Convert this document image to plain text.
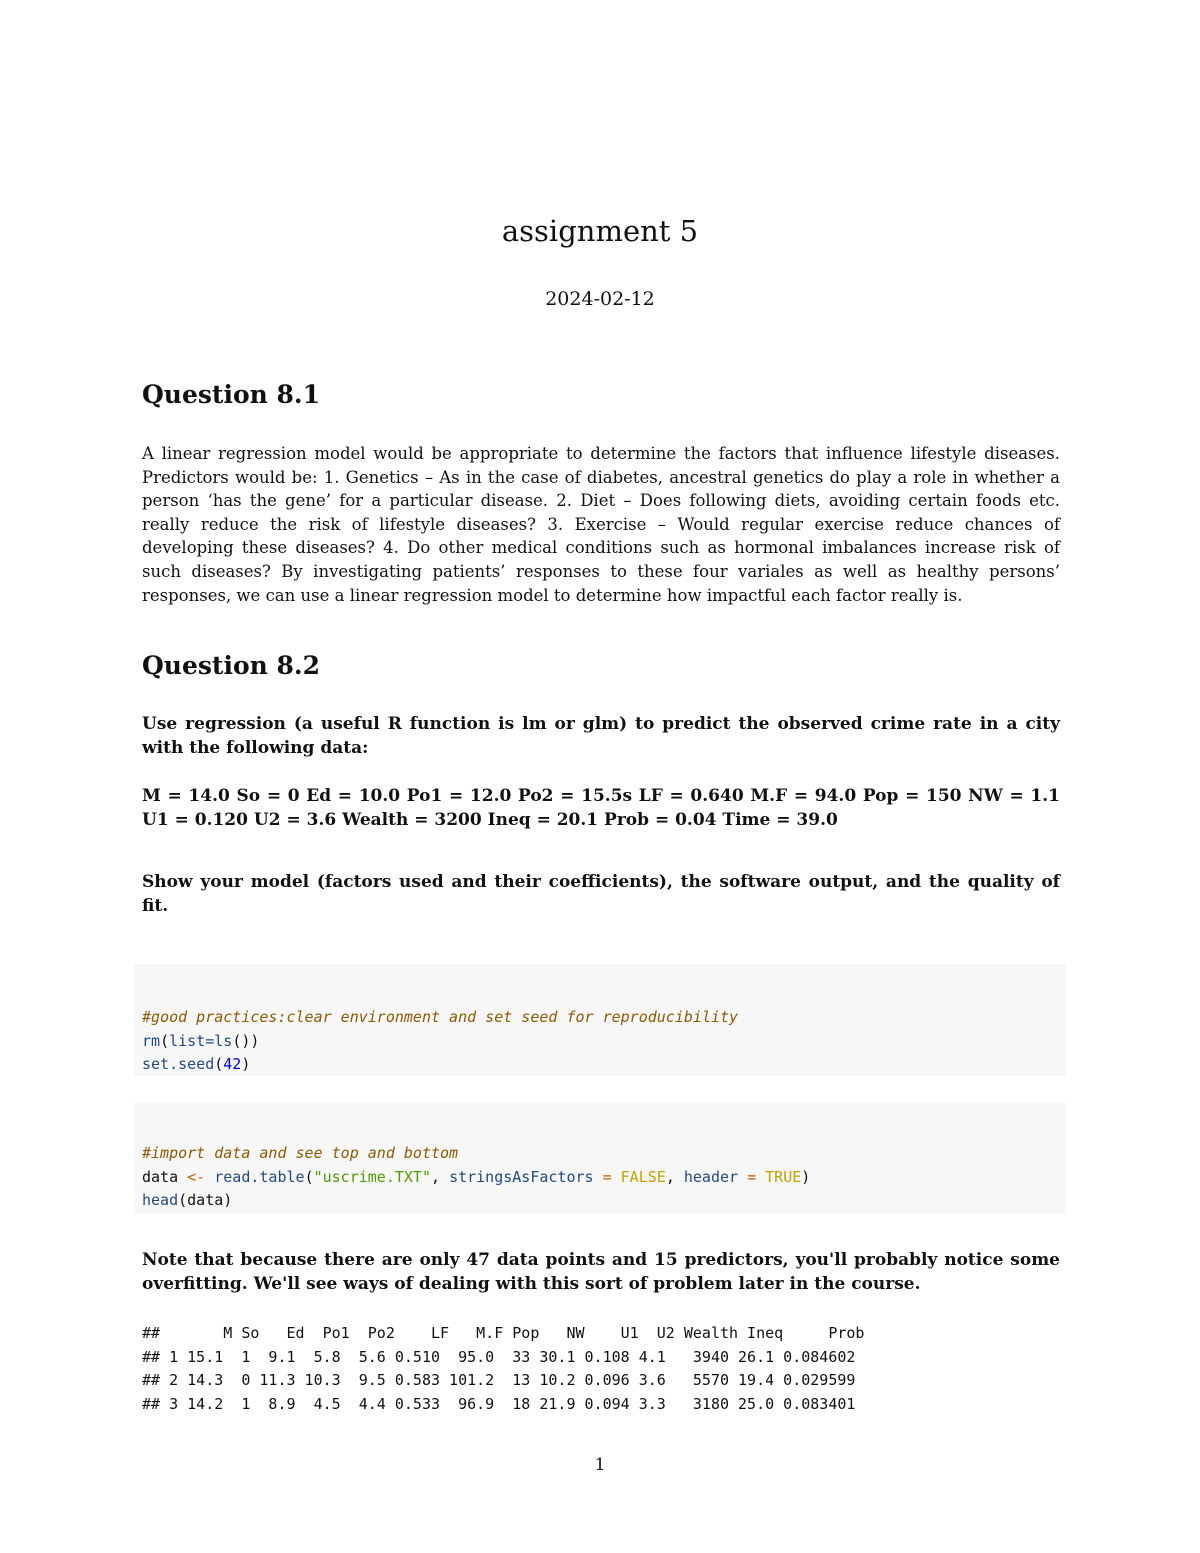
assignment 5
2024-02-12
Question 8.1
A linear regression model would be appropriate to determine the factors that influence lifestyle diseases. Predictors would be: 1. Genetics – As in the case of diabetes, ancestral genetics do play a role in whether a person ‘has the gene’ for a particular disease. 2. Diet – Does following diets, avoiding certain foods etc. really reduce the risk of lifestyle diseases? 3. Exercise – Would regular exercise reduce chances of developing these diseases? 4. Do other medical conditions such as hormonal imbalances increase risk of such diseases? By investigating patients’ responses to these four variales as well as healthy persons’ responses, we can use a linear regression model to determine how impactful each factor really is.
Question 8.2
Use regression (a useful R function is lm or glm) to predict the observed crime rate in a city with the following data:
M = 14.0 So = 0 Ed = 10.0 Po1 = 12.0 Po2 = 15.5s LF = 0.640 M.F = 94.0 Pop = 150 NW = 1.1 U1 = 0.120 U2 = 3.6 Wealth = 3200 Ineq = 20.1 Prob = 0.04 Time = 39.0
Show your model (factors used and their coefficients), the software output, and the quality of fit.
#good practices:clear environment and set seed for reproducibility
rm(list=ls())
set.seed(42)
#import data and see top and bottom
data <- read.table("uscrime.TXT", stringsAsFactors = FALSE, header = TRUE)
head(data)
Note that because there are only 47 data points and 15 predictors, you'll probably notice some overfitting. We'll see ways of dealing with this sort of problem later in the course.
##       M So   Ed  Po1  Po2    LF   M.F Pop   NW    U1  U2 Wealth Ineq     Prob
## 1 15.1  1  9.1  5.8  5.6 0.510  95.0  33 30.1 0.108 4.1   3940 26.1 0.084602
## 2 14.3  0 11.3 10.3  9.5 0.583 101.2  13 10.2 0.096 3.6   5570 19.4 0.029599
## 3 14.2  1  8.9  4.5  4.4 0.533  96.9  18 21.9 0.094 3.3   3180 25.0 0.083401
1
